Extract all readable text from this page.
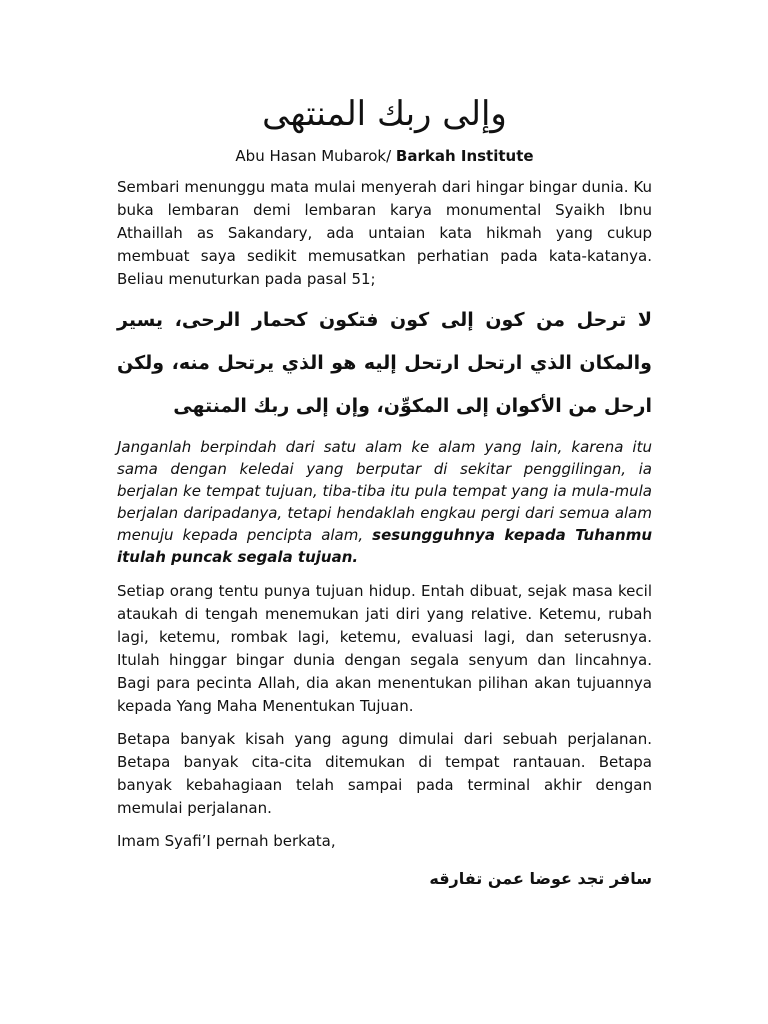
وإلى ربك المنتهى
Abu Hasan Mubarok/ Barkah Institute

Sembari menunggu mata mulai menyerah dari hingar bingar dunia. Ku buka lembaran demi lembaran karya monumental Syaikh Ibnu Athaillah as Sakandary, ada untaian kata hikmah yang cukup membuat saya sedikit memusatkan perhatian pada kata-katanya. Beliau menuturkan pada pasal 51;

لا ترحل من كون إلى كون فتكون كحمار الرحى، يسير والمكان الذي ارتحل ارتحل إليه هو الذي يرتحل منه، ولكن ارحل من الأكوان إلى المكوِّن، وإن إلى ربك المنتهى

Janganlah berpindah dari satu alam ke alam yang lain, karena itu sama dengan keledai yang berputar di sekitar penggilingan, ia berjalan ke tempat tujuan, tiba-tiba itu pula tempat yang ia mula-mula berjalan daripadanya, tetapi hendaklah engkau pergi dari semua alam menuju kepada pencipta alam, sesungguhnya kepada Tuhanmu itulah puncak segala tujuan.

Setiap orang tentu punya tujuan hidup. Entah dibuat, sejak masa kecil ataukah di tengah menemukan jati diri yang relative. Ketemu, rubah lagi, ketemu, rombak lagi, ketemu, evaluasi lagi, dan seterusnya. Itulah hinggar bingar dunia dengan segala senyum dan lincahnya. Bagi para pecinta Allah, dia akan menentukan pilihan akan tujuannya kepada Yang Maha Menentukan Tujuan.

Betapa banyak kisah yang agung dimulai dari sebuah perjalanan. Betapa banyak cita-cita ditemukan di tempat rantauan. Betapa banyak kebahagiaan telah sampai pada terminal akhir dengan memulai perjalanan.

Imam Syafi’I pernah berkata,

سافر تجد عوضا عمن تفارقه
